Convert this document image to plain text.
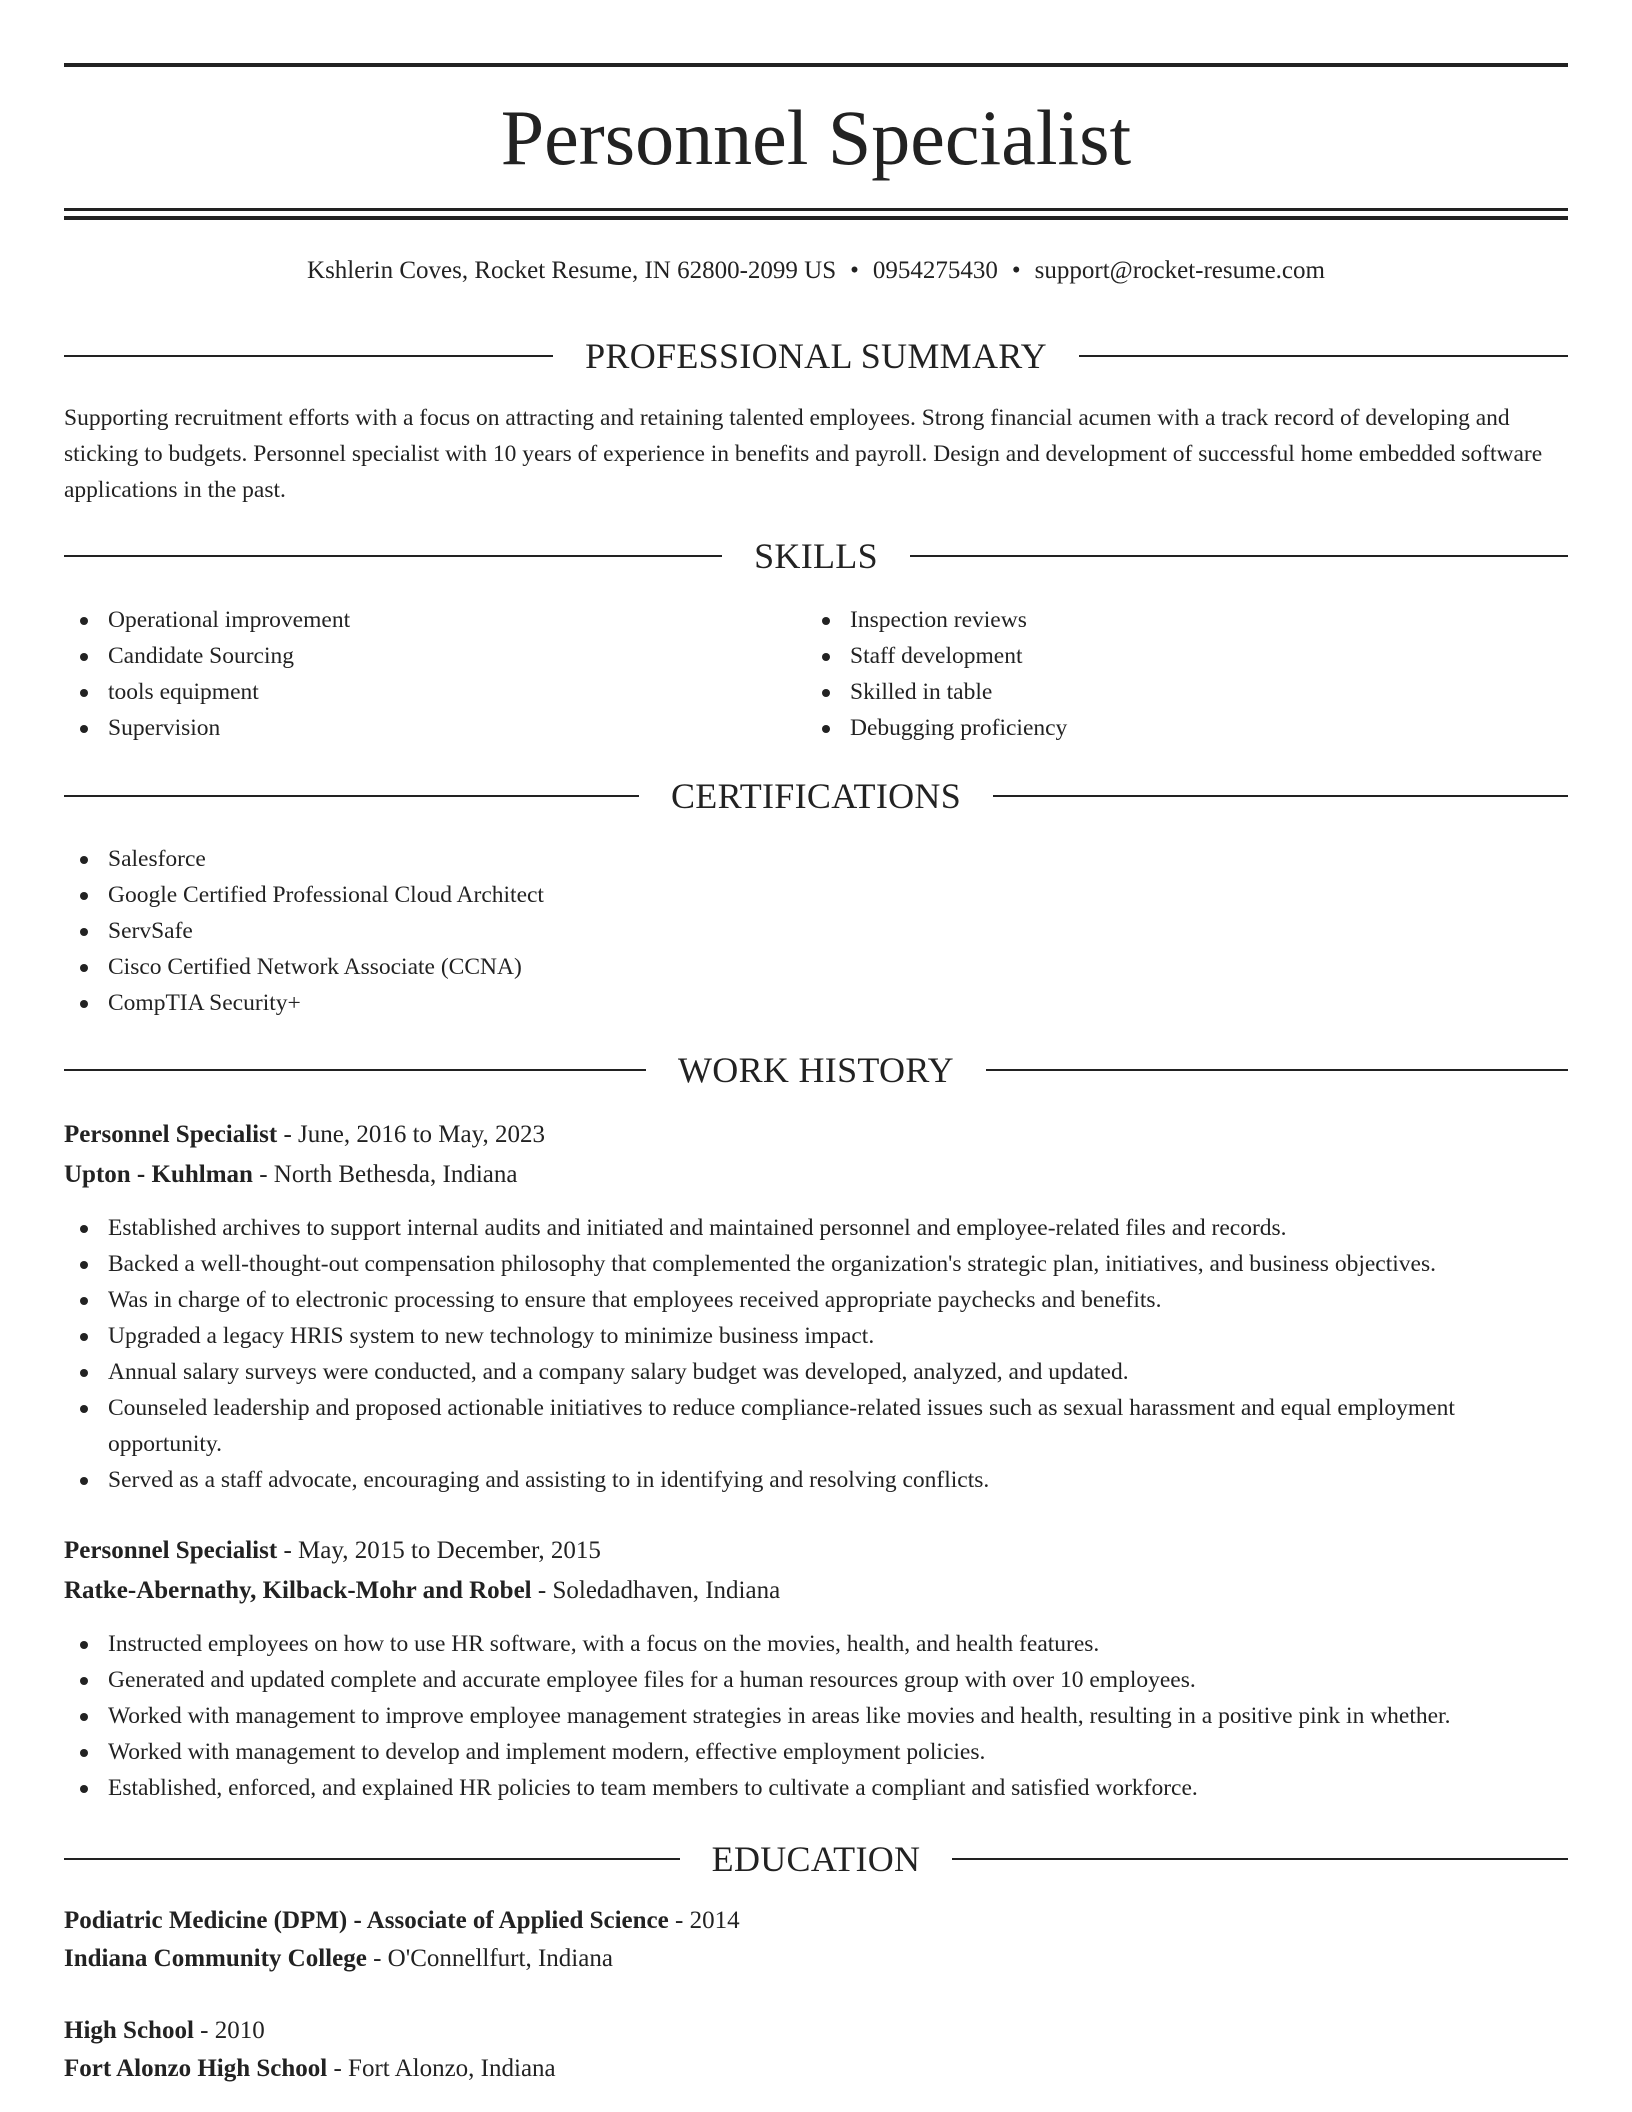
Personnel Specialist
Kshlerin Coves, Rocket Resume, IN 62800-2099 US • 0954275430 • support@rocket-resume.com
PROFESSIONAL SUMMARY

Supporting recruitment efforts with a focus on attracting and retaining talented employees. Strong financial acumen with a track record of developing and sticking to budgets. Personnel specialist with 10 years of experience in benefits and payroll. Design and development of successful home embedded software applications in the past.

SKILLS
Operational improvement
Candidate Sourcing
tools equipment
Supervision
Inspection reviews
Staff development
Skilled in table
Debugging proficiency
CERTIFICATIONS
Salesforce
Google Certified Professional Cloud Architect
ServSafe
Cisco Certified Network Associate (CCNA)
CompTIA Security+
WORK HISTORY
Personnel Specialist - June, 2016 to May, 2023
Upton - Kuhlman - North Bethesda, Indiana
Established archives to support internal audits and initiated and maintained personnel and employee-related files and records.
Backed a well-thought-out compensation philosophy that complemented the organization's strategic plan, initiatives, and business objectives.
Was in charge of to electronic processing to ensure that employees received appropriate paychecks and benefits.
Upgraded a legacy HRIS system to new technology to minimize business impact.
Annual salary surveys were conducted, and a company salary budget was developed, analyzed, and updated.
Counseled leadership and proposed actionable initiatives to reduce compliance-related issues such as sexual harassment and equal employment opportunity.
Served as a staff advocate, encouraging and assisting to in identifying and resolving conflicts.
Personnel Specialist - May, 2015 to December, 2015
Ratke-Abernathy, Kilback-Mohr and Robel - Soledadhaven, Indiana
Instructed employees on how to use HR software, with a focus on the movies, health, and health features.
Generated and updated complete and accurate employee files for a human resources group with over 10 employees.
Worked with management to improve employee management strategies in areas like movies and health, resulting in a positive pink in whether.
Worked with management to develop and implement modern, effective employment policies.
Established, enforced, and explained HR policies to team members to cultivate a compliant and satisfied workforce.
EDUCATION
Podiatric Medicine (DPM) - Associate of Applied Science - 2014
Indiana Community College - O'Connellfurt, Indiana
High School - 2010
Fort Alonzo High School - Fort Alonzo, Indiana
